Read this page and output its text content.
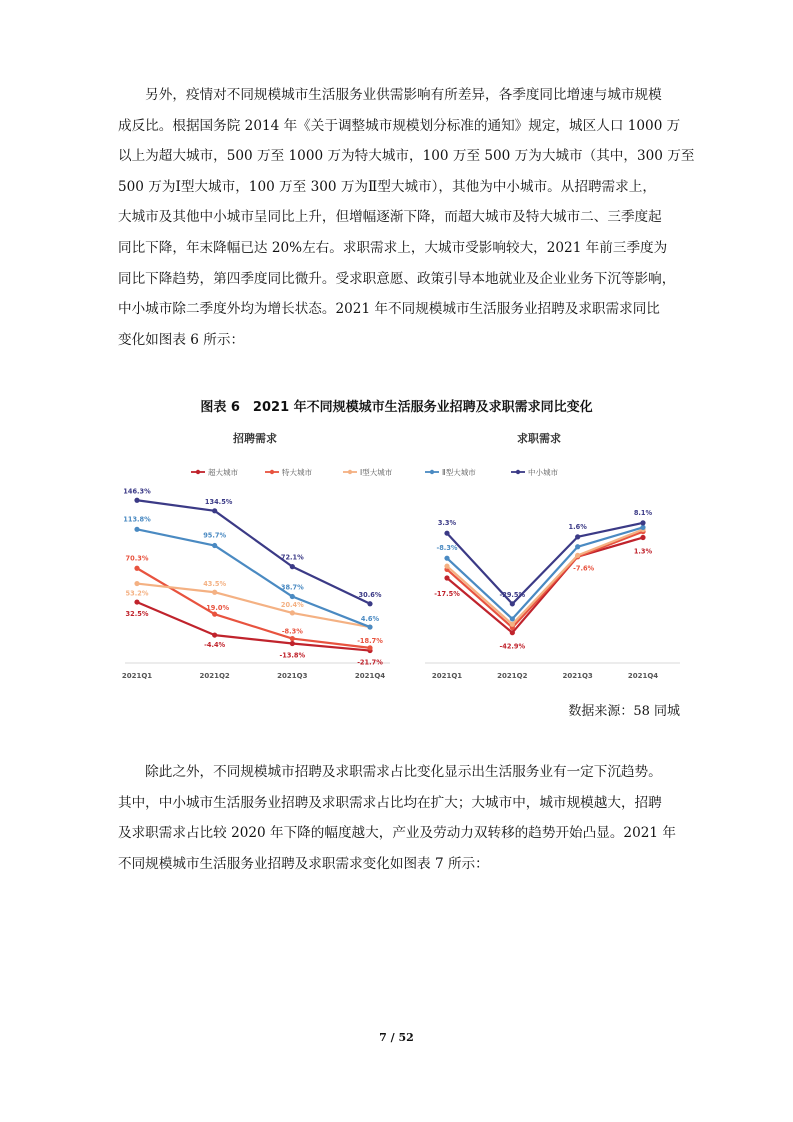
　　另外，疫情对不同规模城市生活服务业供需影响有所差异，各季度同比增速与城市规模
成反比。根据国务院 2014 年《关于调整城市规模划分标准的通知》规定，城区人口 1000 万
以上为超大城市，500 万至 1000 万为特大城市，100 万至 500 万为大城市（其中，300 万至
500 万为Ⅰ型大城市，100 万至 300 万为Ⅱ型大城市），其他为中小城市。从招聘需求上，
大城市及其他中小城市呈同比上升，但增幅逐渐下降，而超大城市及特大城市二、三季度起
同比下降，年末降幅已达 20%左右。求职需求上，大城市受影响较大，2021 年前三季度为
同比下降趋势，第四季度同比微升。受求职意愿、政策引导本地就业及企业业务下沉等影响，
中小城市除二季度外均为增长状态。2021 年不同规模城市生活服务业招聘及求职需求同比
变化如图表 6 所示：
图表 6　2021 年不同规模城市生活服务业招聘及求职需求同比变化
招聘需求
超大城市	特大城市	Ⅰ型大城市	Ⅱ型大城市	中小城市
2021Q1	2021Q2	2021Q3	2021Q4
32.5%
-4.4%
-13.8%
-21.7%
70.3%
19.0%
-8.3%
-18.7%
53.2%
43.5%
20.4%
113.8%
95.7%
38.7%
4.6%
146.3%
134.5%
72.1%
30.6%
求职需求
2021Q1	2021Q2	2021Q3	2021Q4
-17.5%
-42.9%
1.3%
-7.6%
-8.3%
3.3%
-29.5%
1.6%
8.1%
数据来源：58 同城
　　除此之外，不同规模城市招聘及求职需求占比变化显示出生活服务业有一定下沉趋势。
其中，中小城市生活服务业招聘及求职需求占比均在扩大；大城市中，城市规模越大，招聘
及求职需求占比较 2020 年下降的幅度越大，产业及劳动力双转移的趋势开始凸显。2021 年
不同规模城市生活服务业招聘及求职需求变化如图表 7 所示：
7 / 52
